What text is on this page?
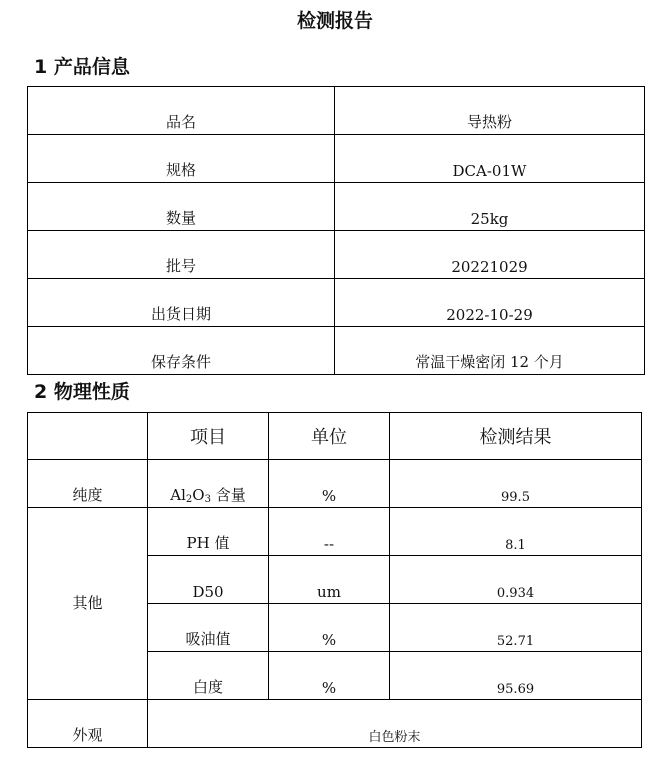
检测报告
1 产品信息
品名	导热粉
规格	DCA-01W
数量	25kg
批号	20221029
出货日期	2022-10-29
保存条件	常温干燥密闭 12 个月
2 物理性质
	项目	单位	检测结果
纯度	$Al_2O_3$ 含量	%	99.5
其他	PH 值	--	8.1
	D50	um	0.934
	吸油值	%	52.71
	白度	%	95.69
外观	白色粉末		
